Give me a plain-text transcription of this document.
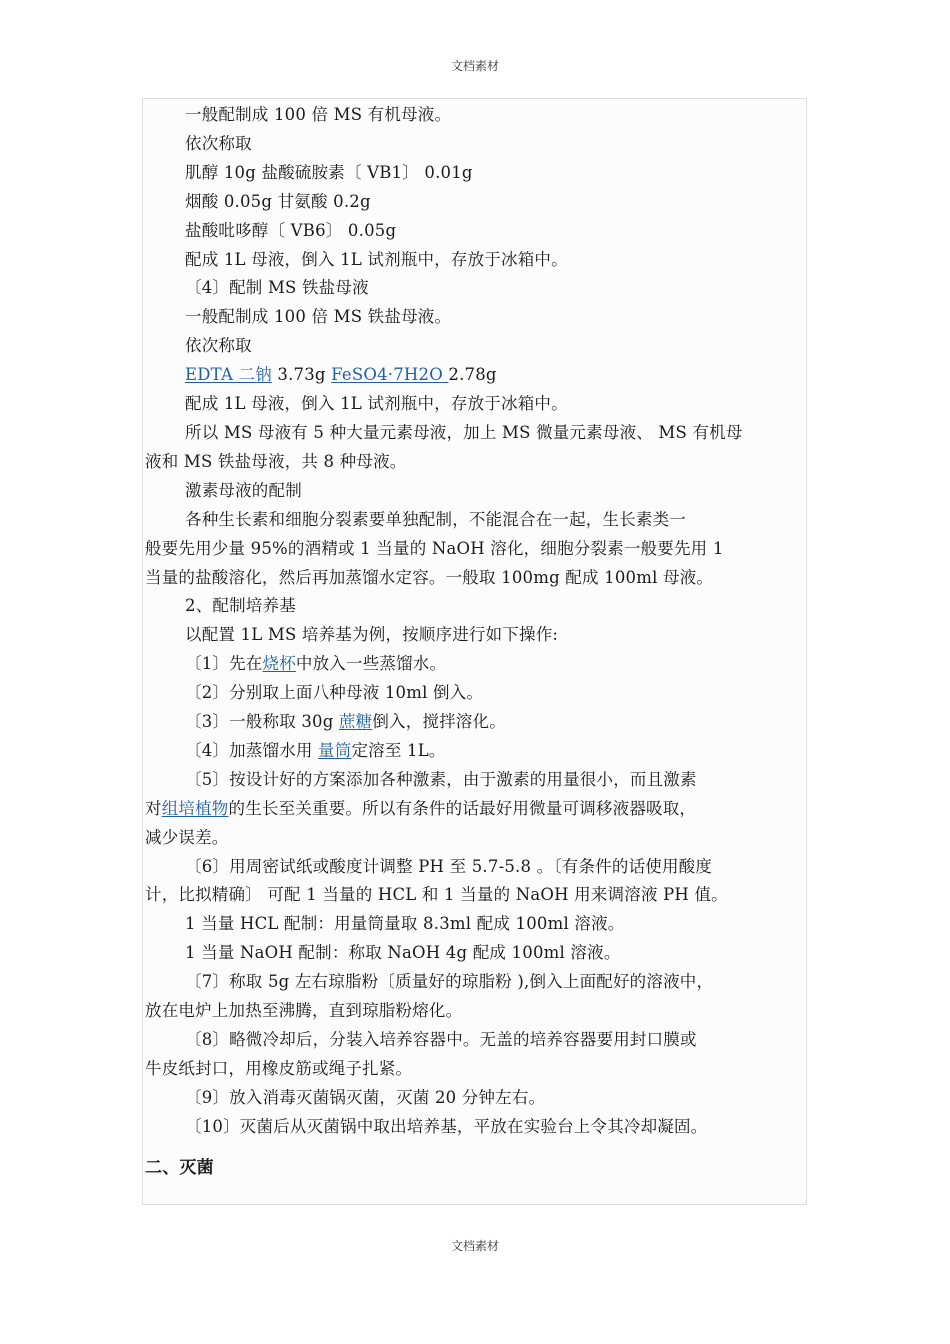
文档素材

一般配制成 100 倍 MS 有机母液。

依次称取

肌醇 10g 盐酸硫胺素〔 VB1〕 0.01g

烟酸 0.05g 甘氨酸 0.2g

盐酸吡哆醇〔 VB6〕 0.05g

配成 1L 母液，倒入 1L 试剂瓶中，存放于冰箱中。

〔4〕配制 MS 铁盐母液

一般配制成 100 倍 MS 铁盐母液。

依次称取

EDTA 二钠 3.73g FeSO4·7H2O 2.78g

配成 1L 母液，倒入 1L 试剂瓶中，存放于冰箱中。

所以 MS 母液有 5 种大量元素母液，加上 MS 微量元素母液、 MS 有机母

液和 MS 铁盐母液，共 8 种母液。

激素母液的配制

各种生长素和细胞分裂素要单独配制，不能混合在一起，生长素类一

般要先用少量 95%的酒精或 1 当量的 NaOH 溶化，细胞分裂素一般要先用 1

当量的盐酸溶化，然后再加蒸馏水定容。一般取 100mg 配成 100ml 母液。

2、配制培养基

以配置 1L MS 培养基为例，按顺序进行如下操作:

〔1〕先在烧杯中放入一些蒸馏水。

〔2〕分别取上面八种母液 10ml 倒入。

〔3〕一般称取 30g 蔗糖倒入，搅拌溶化。

〔4〕加蒸馏水用 量筒定溶至 1L。

〔5〕按设计好的方案添加各种激素，由于激素的用量很小，而且激素

对组培植物的生长至关重要。所以有条件的话最好用微量可调移液器吸取，

减少误差。

〔6〕用周密试纸或酸度计调整 PH 至 5.7-5.8 。〔有条件的话使用酸度

计，比拟精确〕 可配 1 当量的 HCL 和 1 当量的 NaOH 用来调溶液 PH 值。

1 当量 HCL 配制：用量筒量取 8.3ml 配成 100ml 溶液。

1 当量 NaOH 配制：称取 NaOH 4g 配成 100ml 溶液。

〔7〕称取 5g 左右琼脂粉〔质量好的琼脂粉 ),倒入上面配好的溶液中，

放在电炉上加热至沸腾，直到琼脂粉熔化。

〔8〕略微冷却后，分装入培养容器中。无盖的培养容器要用封口膜或

牛皮纸封口，用橡皮筋或绳子扎紧。

〔9〕放入消毒灭菌锅灭菌，灭菌 20 分钟左右。

〔10〕灭菌后从灭菌锅中取出培养基，平放在实验台上令其冷却凝固。

二、灭菌

文档素材
